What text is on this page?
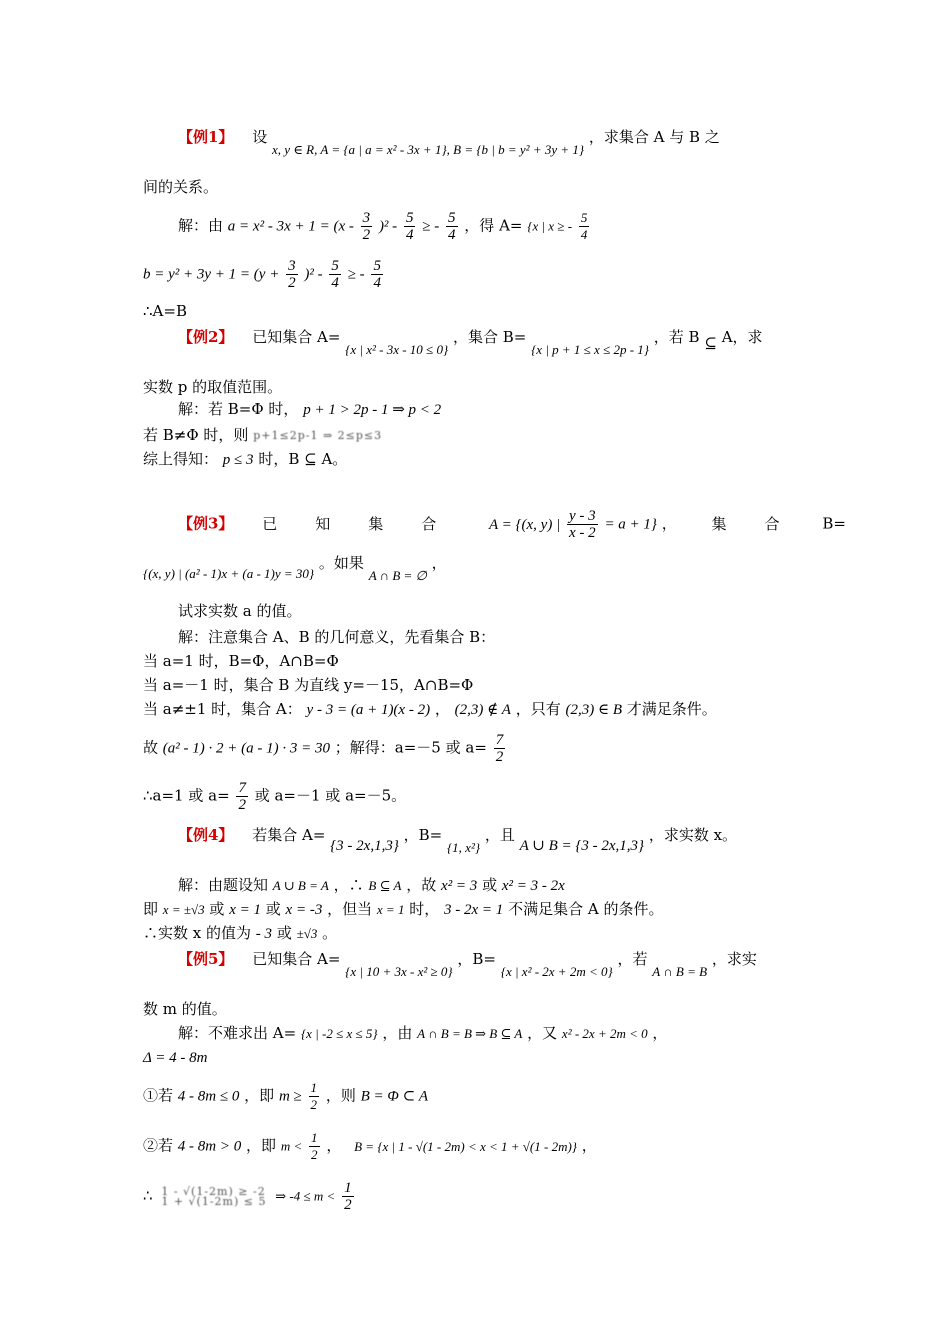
【例1】 设 x, y ∈ R, A = {a | a = x² - 3x + 1}, B = {b | b = y² + 3y + 1} ，求集合 A 与 B 之
间的关系。
解：由 $a = x^2 - 3x + 1 = (x - \frac{3}{2} )^2 - \frac{5}{4}$ ≥ - $\frac{5}{4}$ ，得 A= {x | x ≥ - $\frac{5}{4}$
$b = y^2 + 3y + 1 = (y + \frac{3}{2} )^2 - \frac{5}{4}$ ≥ - $\frac{5}{4}$
∴A=B
【例2】 已知集合 A= {x | x² - 3x - 10 ≤ 0} ，集合 B= {x | p + 1 ≤ x ≤ 2p - 1} ，若 B ⊆ A，求
实数 p 的取值范围。
解：若 B=Φ 时， p + 1 > 2p - 1 ⇒ p < 2
若 B≠Φ 时，则 p+1≤2p-1 ⇒ 2≤p≤3
综上得知： p ≤ 3 时，B ⊆ A。
【例3】 已知集合 A = {(x, y) | $\frac{y - 3}{x - 2} = a + 1$} ， 集合 B=
{(x, y) | (a² - 1)x + (a - 1)y = 30} 。如果 A ∩ B = ∅ ，
试求实数 a 的值。
解：注意集合 A、B 的几何意义，先看集合 B：
当 a=1 时，B=Φ，A∩B=Φ
当 a=－1 时，集合 B 为直线 y=－15，A∩B=Φ
当 a≠±1 时，集合 A： y - 3 = (a + 1)(x - 2) ， (2,3) ∉ A ，只有 (2,3) ∈ B 才满足条件。
故 (a² - 1) · 2 + (a - 1) · 3 = 30 ；解得：a=－5 或 $a= \frac{7}{2}$
∴a=1 或 $a= \frac{7}{2}$ 或 a=－1 或 a=－5。
【例4】 若集合 A= {3 - 2x,1,3} ，B= {1, x²} ，且 A ∪ B = {3 - 2x,1,3} ，求实数 x。
解：由题设知 A ∪ B = A ，∴ B ⊆ A ，故 x² = 3 或 x² = 3 - 2x
即 x = ±√3 或 x = 1 或 x = -3 ，但当 x = 1 时， 3 - 2x = 1 不满足集合 A 的条件。
∴实数 x 的值为 - 3 或 ±√3 。
【例5】 已知集合 A= {x | 10 + 3x - x² ≥ 0} ，B= {x | x² - 2x + 2m < 0} ，若 A ∩ B = B ，求实
数 m 的值。
解：不难求出 A= {x | -2 ≤ x ≤ 5} ，由 A ∩ B = B ⇒ B ⊆ A ，又 x² - 2x + 2m < 0 ，
Δ = 4 - 8m
①若 4 - 8m ≤ 0 ，即 $m \ge \frac{1}{2}$ ，则 B = Φ ⊂ A
②若 4 - 8m > 0 ，即 $m < \frac{1}{2}$ ， B = {x | 1 - √(1 - 2m) < x < 1 + √(1 - 2m)} ，
∴ 1 - √(1-2m) ≥ -2
1 + √(1-2m) ≤ 5 ⇒ $-4 \le m < \frac{1}{2}$
